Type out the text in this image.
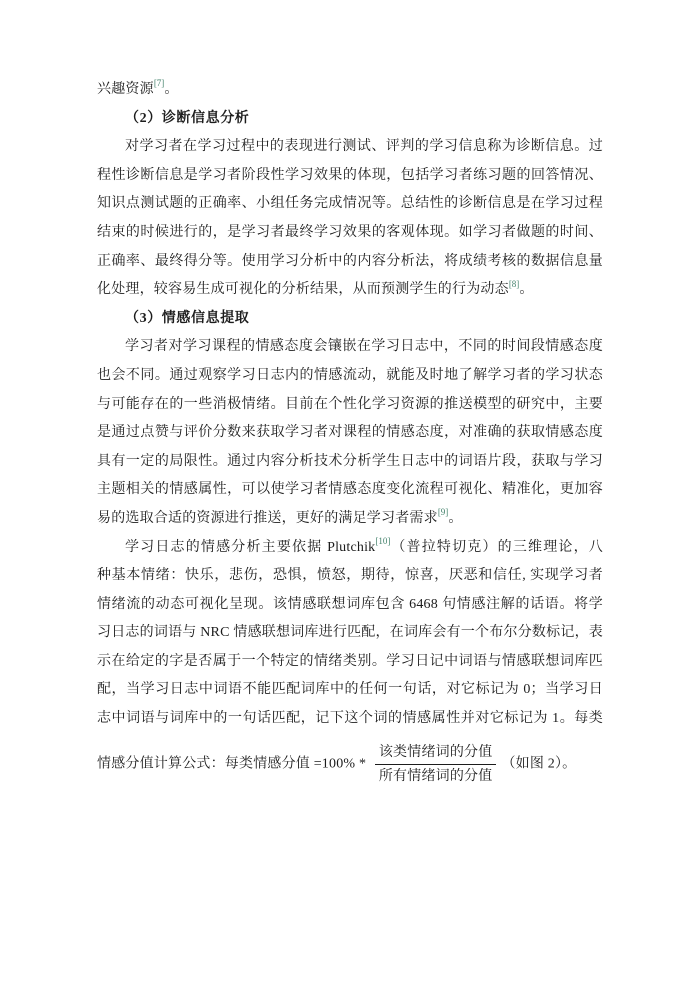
兴趣资源[7]。
（2）诊断信息分析
对学习者在学习过程中的表现进行测试、评判的学习信息称为诊断信息。过
程性诊断信息是学习者阶段性学习效果的体现，包括学习者练习题的回答情况、
知识点测试题的正确率、小组任务完成情况等。总结性的诊断信息是在学习过程
结束的时候进行的，是学习者最终学习效果的客观体现。如学习者做题的时间、
正确率、最终得分等。使用学习分析中的内容分析法，将成绩考核的数据信息量
化处理，较容易生成可视化的分析结果，从而预测学生的行为动态[8]。
（3）情感信息提取
学习者对学习课程的情感态度会镶嵌在学习日志中，不同的时间段情感态度
也会不同。通过观察学习日志内的情感流动，就能及时地了解学习者的学习状态
与可能存在的一些消极情绪。目前在个性化学习资源的推送模型的研究中，主要
是通过点赞与评价分数来获取学习者对课程的情感态度，对准确的获取情感态度
具有一定的局限性。通过内容分析技术分析学生日志中的词语片段，获取与学习
主题相关的情感属性，可以使学习者情感态度变化流程可视化、精准化，更加容
易的选取合适的资源进行推送，更好的满足学习者需求[9]。
学习日志的情感分析主要依据 Plutchik[10]（普拉特切克）的三维理论，八
种基本情绪：快乐，悲伤，恐惧，愤怒，期待，惊喜，厌恶和信任, 实现学习者
情绪流的动态可视化呈现。该情感联想词库包含 6468 句情感注解的话语。将学
习日志的词语与 NRC 情感联想词库进行匹配，在词库会有一个布尔分数标记，表
示在给定的字是否属于一个特定的情绪类别。学习日记中词语与情感联想词库匹
配，当学习日志中词语不能匹配词库中的任何一句话，对它标记为 0；当学习日
志中词语与词库中的一句话匹配，记下这个词的情感属性并对它标记为 1。每类
情感分值计算公式：每类情感分值 $=100\% * \frac{\text{该类情绪词的分值}}{\text{所有情绪词的分值}}$ （如图 2）。
